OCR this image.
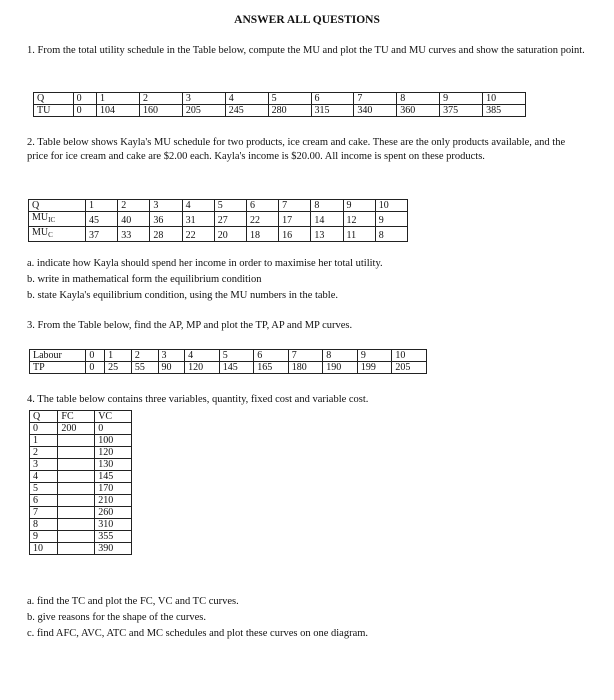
ANSWER ALL QUESTIONS
1. From the total utility schedule in the Table below, compute the MU and plot the TU and MU curves and show the saturation point.
Q	0	1	2	3	4	5	6	7	8	9	10
TU	0	104	160	205	245	280	315	340	360	375	385
2. Table below shows Kayla's MU schedule for two products, ice cream and cake. These are the only products available, and the price for ice cream and cake are $2.00 each. Kayla's income is $20.00. All income is spent on these products.
Q	1	2	3	4	5	6	7	8	9	10
$MU_{IC}$	45	40	36	31	27	22	17	14	12	9
$MU_C$	37	33	28	22	20	18	16	13	11	8
a. indicate how Kayla should spend her income in order to maximise her total utility.
b. write in mathematical form the equilibrium condition
b. state Kayla's equilibrium condition, using the MU numbers in the table.
3. From the Table below, find the AP, MP and plot the TP, AP and MP curves.
Labour	0	1	2	3	4	5	6	7	8	9	10
TP	0	25	55	90	120	145	165	180	190	199	205
4. The table below contains three variables, quantity, fixed cost and variable cost.
Q	FC	VC
0	200	0
1		100
2		120
3		130
4		145
5		170
6		210
7		260
8		310
9		355
10		390
a. find the TC and plot the FC, VC and TC curves.
b. give reasons for the shape of the curves.
c. find AFC, AVC, ATC and MC schedules and plot these curves on one diagram.
